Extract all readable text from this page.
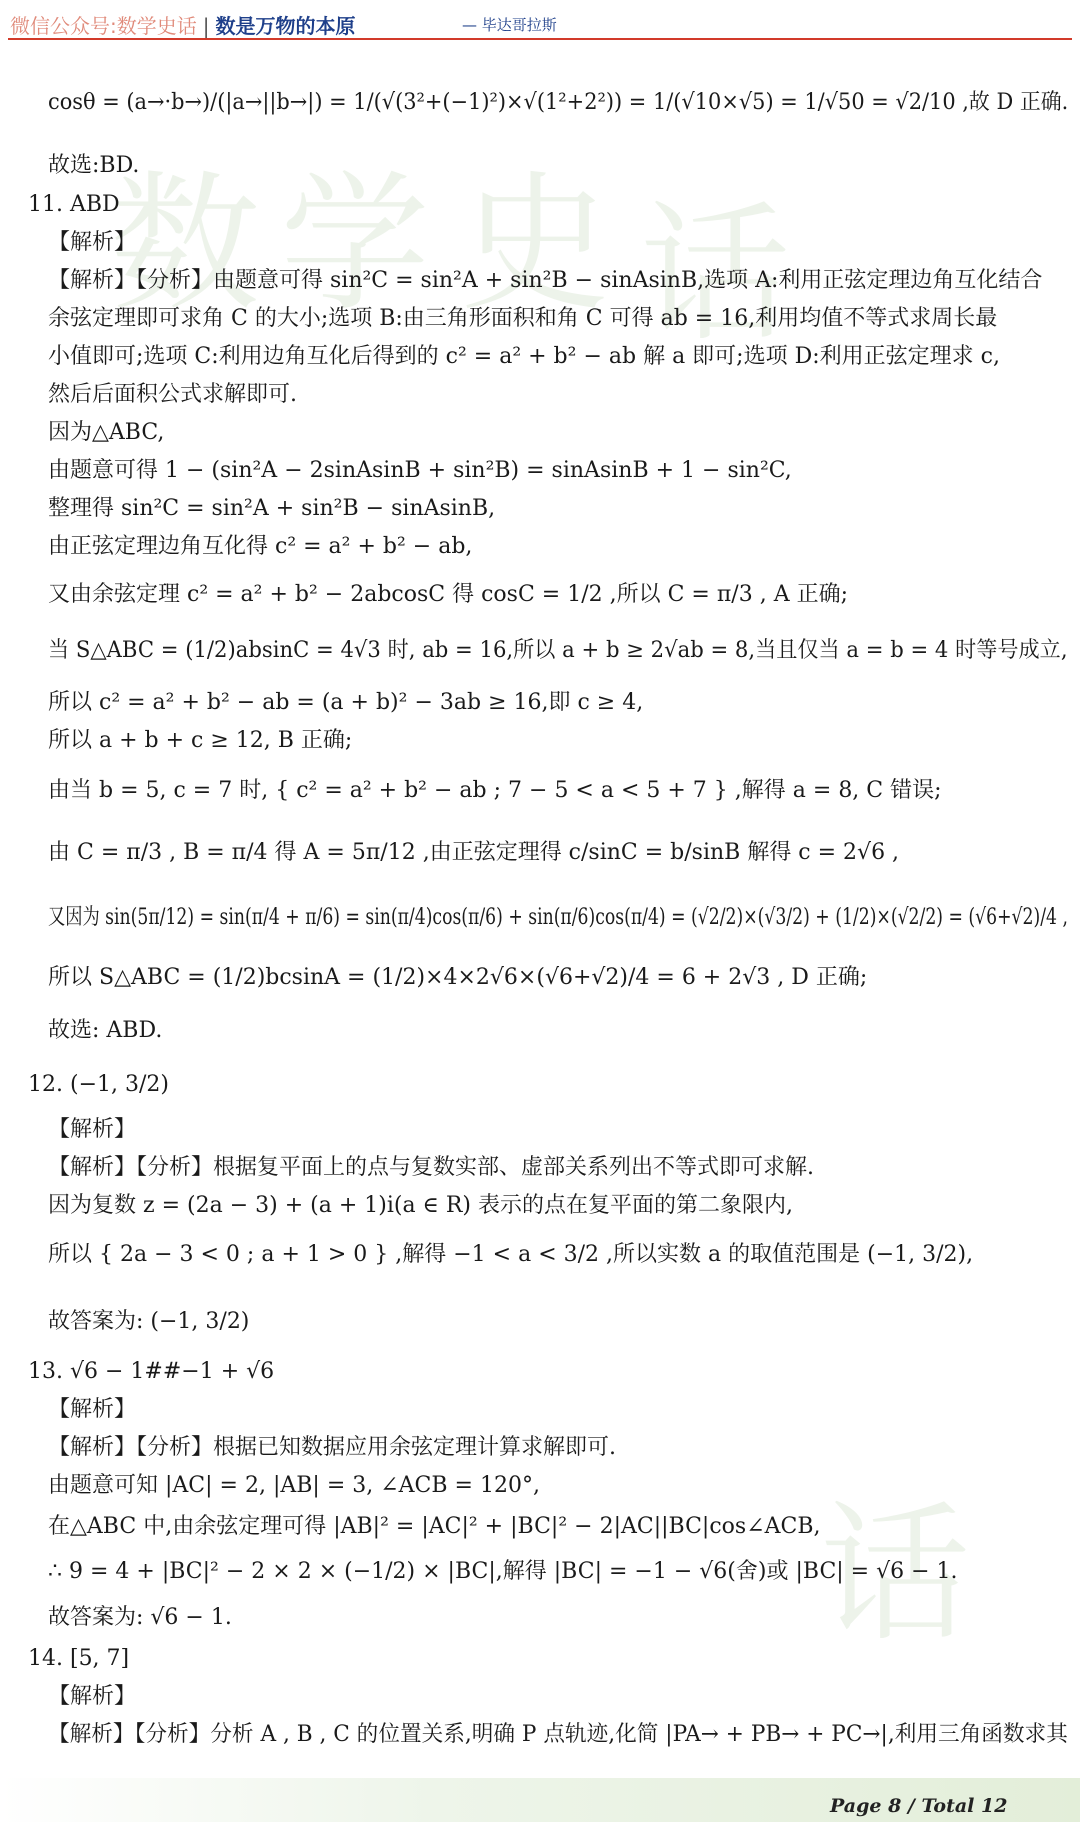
微信公众号:数学史话 | 数是万物的本原	— 毕达哥拉斯
数 学 史 话
话
cosθ = (a→·b→)/(|a→||b→|) = 1/(√(3²+(−1)²)×√(1²+2²)) = 1/(√10×√5) = 1/√50 = √2/10 ,故 D 正确.
故选:BD.
11. ABD
【解析】
【解析】【分析】由题意可得 sin²C = sin²A + sin²B − sinAsinB,选项 A:利用正弦定理边角互化结合
余弦定理即可求角 C 的大小;选项 B:由三角形面积和角 C 可得 ab = 16,利用均值不等式求周长最
小值即可;选项 C:利用边角互化后得到的 c² = a² + b² − ab 解 a 即可;选项 D:利用正弦定理求 c,
然后后面积公式求解即可.
因为△ABC,
由题意可得 1 − (sin²A − 2sinAsinB + sin²B) = sinAsinB + 1 − sin²C,
整理得 sin²C = sin²A + sin²B − sinAsinB,
由正弦定理边角互化得 c² = a² + b² − ab,
又由余弦定理 c² = a² + b² − 2abcosC 得 cosC = 1/2 ,所以 C = π/3 , A 正确;
当 S△ABC = (1/2)absinC = 4√3 时, ab = 16,所以 a + b ≥ 2√ab = 8,当且仅当 a = b = 4 时等号成立,
所以 c² = a² + b² − ab = (a + b)² − 3ab ≥ 16,即 c ≥ 4,
所以 a + b + c ≥ 12, B 正确;
由当 b = 5, c = 7 时, { c² = a² + b² − ab ; 7 − 5 < a < 5 + 7 } ,解得 a = 8, C 错误;
由 C = π/3 , B = π/4 得 A = 5π/12 ,由正弦定理得 c/sinC = b/sinB 解得 c = 2√6 ,
又因为 sin(5π/12) = sin(π/4 + π/6) = sin(π/4)cos(π/6) + sin(π/6)cos(π/4) = (√2/2)×(√3/2) + (1/2)×(√2/2) = (√6+√2)/4 ,
所以 S△ABC = (1/2)bcsinA = (1/2)×4×2√6×(√6+√2)/4 = 6 + 2√3 , D 正确;
故选: ABD.
12. (−1, 3/2)
【解析】
【解析】【分析】根据复平面上的点与复数实部、虚部关系列出不等式即可求解.
因为复数 z = (2a − 3) + (a + 1)i(a ∈ R) 表示的点在复平面的第二象限内,
所以 { 2a − 3 < 0 ; a + 1 > 0 } ,解得 −1 < a < 3/2 ,所以实数 a 的取值范围是 (−1, 3/2),
故答案为: (−1, 3/2)
13. √6 − 1##−1 + √6
【解析】
【解析】【分析】根据已知数据应用余弦定理计算求解即可.
由题意可知 |AC| = 2, |AB| = 3, ∠ACB = 120°,
在△ABC 中,由余弦定理可得 |AB|² = |AC|² + |BC|² − 2|AC||BC|cos∠ACB,
∴ 9 = 4 + |BC|² − 2 × 2 × (−1/2) × |BC|,解得 |BC| = −1 − √6(舍)或 |BC| = √6 − 1.
故答案为: √6 − 1.
14. [5, 7]
【解析】
【解析】【分析】分析 A , B , C 的位置关系,明确 P 点轨迹,化简 |PA→ + PB→ + PC→|,利用三角函数求其
Page 8 / Total 12
